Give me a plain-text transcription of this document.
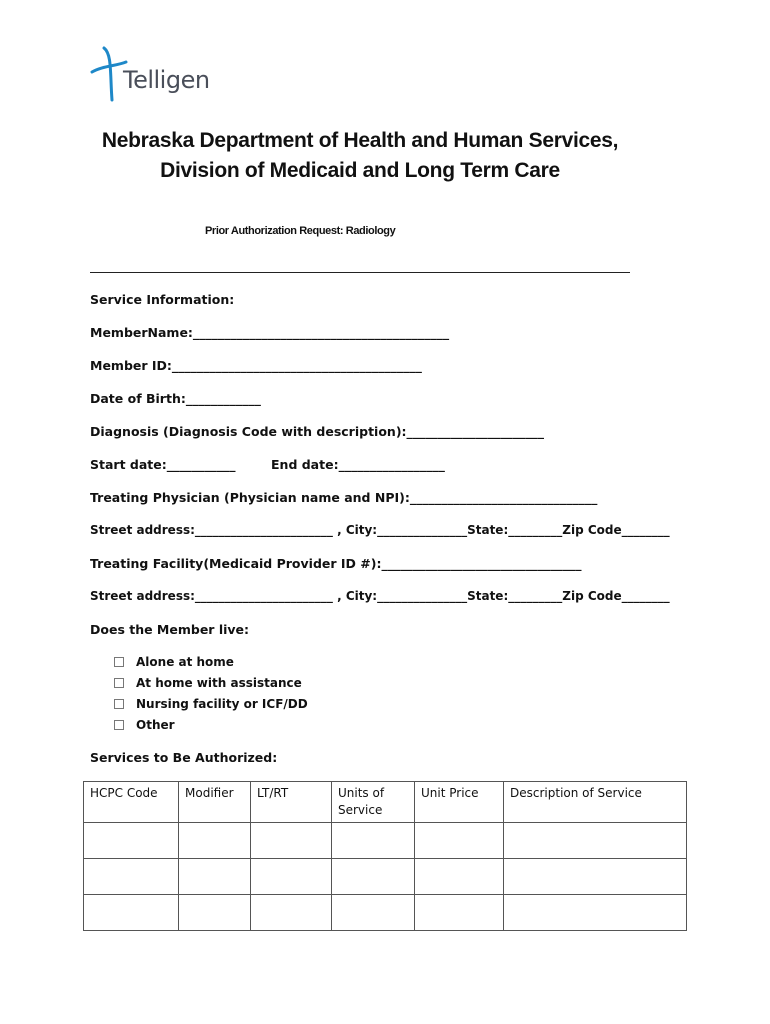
Telligen
Nebraska Department of Health and Human Services,
Division of Medicaid and Long Term Care
Prior Authorization Request: Radiology
Service Information:
MemberName:_________________________________________
Member ID:________________________________________
Date of Birth:____________
Diagnosis (Diagnosis Code with description):______________________
Start date:___________	End date:_________________
Treating Physician (Physician name and NPI):______________________________
Street address:_______________________ , City:_______________State:_________Zip Code________
Treating Facility(Medicaid Provider ID #):________________________________
Street address:_______________________ , City:_______________State:_________Zip Code________
Does the Member live:
Alone at home
At home with assistance
Nursing facility or ICF/DD
Other
Services to Be Authorized:
HCPC Code	Modifier	LT/RT	Units of Service	Unit Price	Description of Service
